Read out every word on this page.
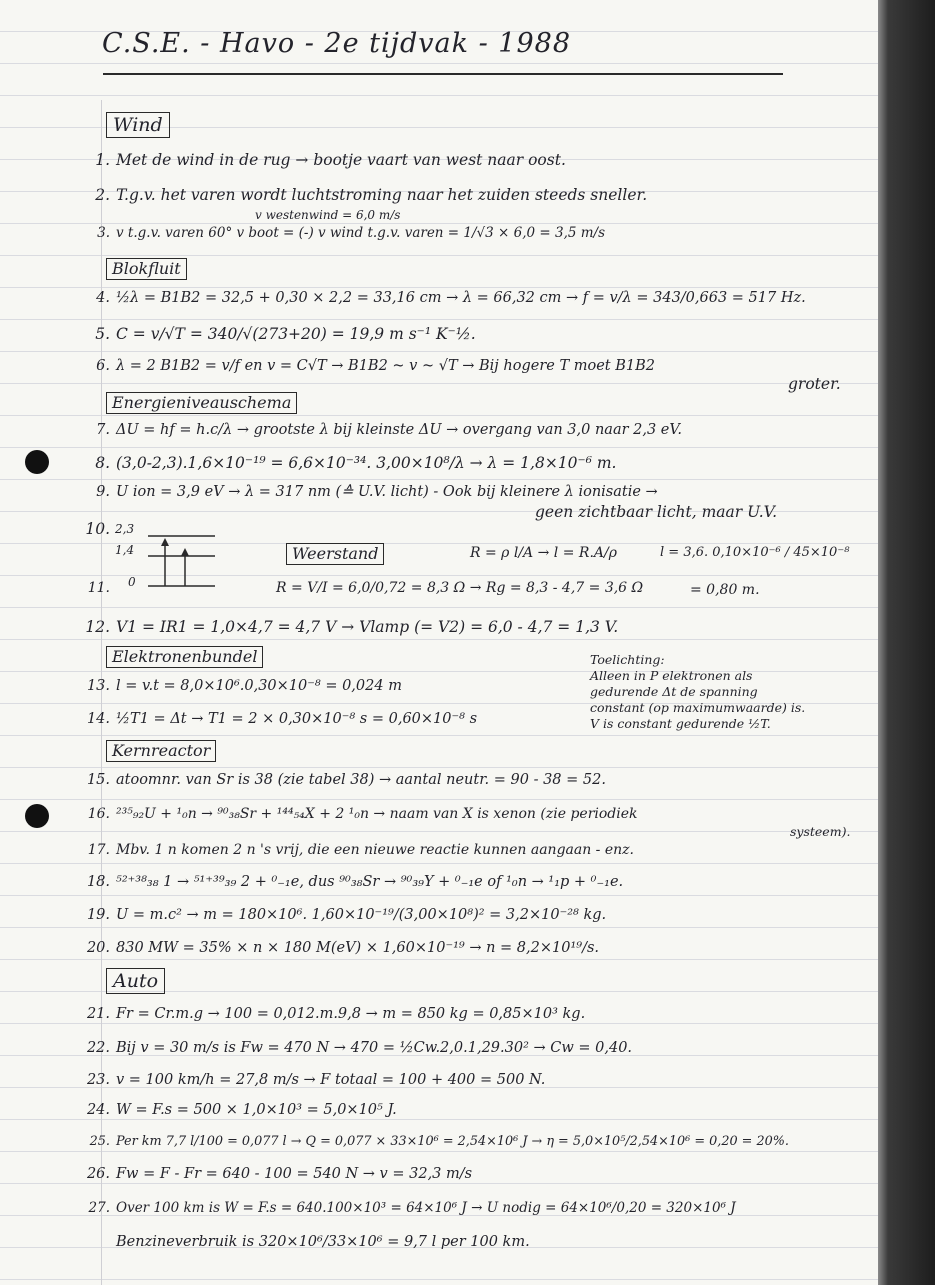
C.S.E. - Havo - 2e tijdvak - 1988
Wind
1. Met de wind in de rug → bootje vaart van west naar oost.
2. T.g.v. het varen wordt luchtstroming naar het zuiden steeds sneller.
v westenwind = 6,0 m/s
3. v t.g.v. varen 60° v boot = (-) v wind t.g.v. varen = 1/√3 × 6,0 = 3,5 m/s
Blokfluit
4. ½λ = B1B2 = 32,5 + 0,30 × 2,2 = 33,16 cm → λ = 66,32 cm → f = v/λ = 343/0,663 = 517 Hz.
5. C = v/√T = 340/√(273+20) = 19,9 m s⁻¹ K⁻½.
6. λ = 2 B1B2 = v/f en v = C√T → B1B2 ~ v ~ √T → Bij hogere T moet B1B2
groter.
Energieniveauschema
7. ΔU = hf = h.c/λ → grootste λ bij kleinste ΔU → overgang van 3,0 naar 2,3 eV.
8. (3,0-2,3).1,6×10⁻¹⁹ = 6,6×10⁻³⁴. 3,00×10⁸/λ → λ = 1,8×10⁻⁶ m.
9. U ion = 3,9 eV → λ = 317 nm (≙ U.V. licht) - Ook bij kleinere λ ionisatie →
geen zichtbaar licht, maar U.V.
10. 2,3
1,4
0
Weerstand	R = ρ l/A → l = R.A/ρ	l = 3,6. 0,10×10⁻⁶ / 45×10⁻⁸
= 0,80 m.
11.	R = V/I = 6,0/0,72 = 8,3 Ω → Rg = 8,3 - 4,7 = 3,6 Ω
12. V1 = IR1 = 1,0×4,7 = 4,7 V → Vlamp (= V2) = 6,0 - 4,7 = 1,3 V.
Elektronenbundel
13. l = v.t = 8,0×10⁶.0,30×10⁻⁸ = 0,024 m
14. ½T1 = Δt → T1 = 2 × 0,30×10⁻⁸ s = 0,60×10⁻⁸ s
Toelichting:
Alleen in P elektronen als
gedurende Δt de spanning
constant (op maximumwaarde) is.
V is constant gedurende ½T.
Kernreactor
15. atoomnr. van Sr is 38 (zie tabel 38) → aantal neutr. = 90 - 38 = 52.
16. ²³⁵₉₂U + ¹₀n → ⁹⁰₃₈Sr + ¹⁴⁴₅₄X + 2 ¹₀n → naam van X is xenon (zie periodiek
systeem).
17. Mbv. 1 n komen 2 n 's vrij, die een nieuwe reactie kunnen aangaan - enz.
18. ⁵²⁺³⁸₃₈ 1 → ⁵¹⁺³⁹₃₉ 2 + ⁰₋₁e, dus ⁹⁰₃₈Sr → ⁹⁰₃₉Y + ⁰₋₁e of ¹₀n → ¹₁p + ⁰₋₁e.
19. U = m.c² → m = 180×10⁶. 1,60×10⁻¹⁹/(3,00×10⁸)² = 3,2×10⁻²⁸ kg.
20. 830 MW = 35% × n × 180 M(eV) × 1,60×10⁻¹⁹ → n = 8,2×10¹⁹/s.
Auto
21. Fr = Cr.m.g → 100 = 0,012.m.9,8 → m = 850 kg = 0,85×10³ kg.
22. Bij v = 30 m/s is Fw = 470 N → 470 = ½Cw.2,0.1,29.30² → Cw = 0,40.
23. v = 100 km/h = 27,8 m/s → F totaal = 100 + 400 = 500 N.
24. W = F.s = 500 × 1,0×10³ = 5,0×10⁵ J.
25. Per km 7,7 l/100 = 0,077 l → Q = 0,077 × 33×10⁶ = 2,54×10⁶ J → η = 5,0×10⁵/2,54×10⁶ = 0,20 = 20%.
26. Fw = F - Fr = 640 - 100 = 540 N → v = 32,3 m/s
27. Over 100 km is W = F.s = 640.100×10³ = 64×10⁶ J → U nodig = 64×10⁶/0,20 = 320×10⁶ J
Benzineverbruik is 320×10⁶/33×10⁶ = 9,7 l per 100 km.
